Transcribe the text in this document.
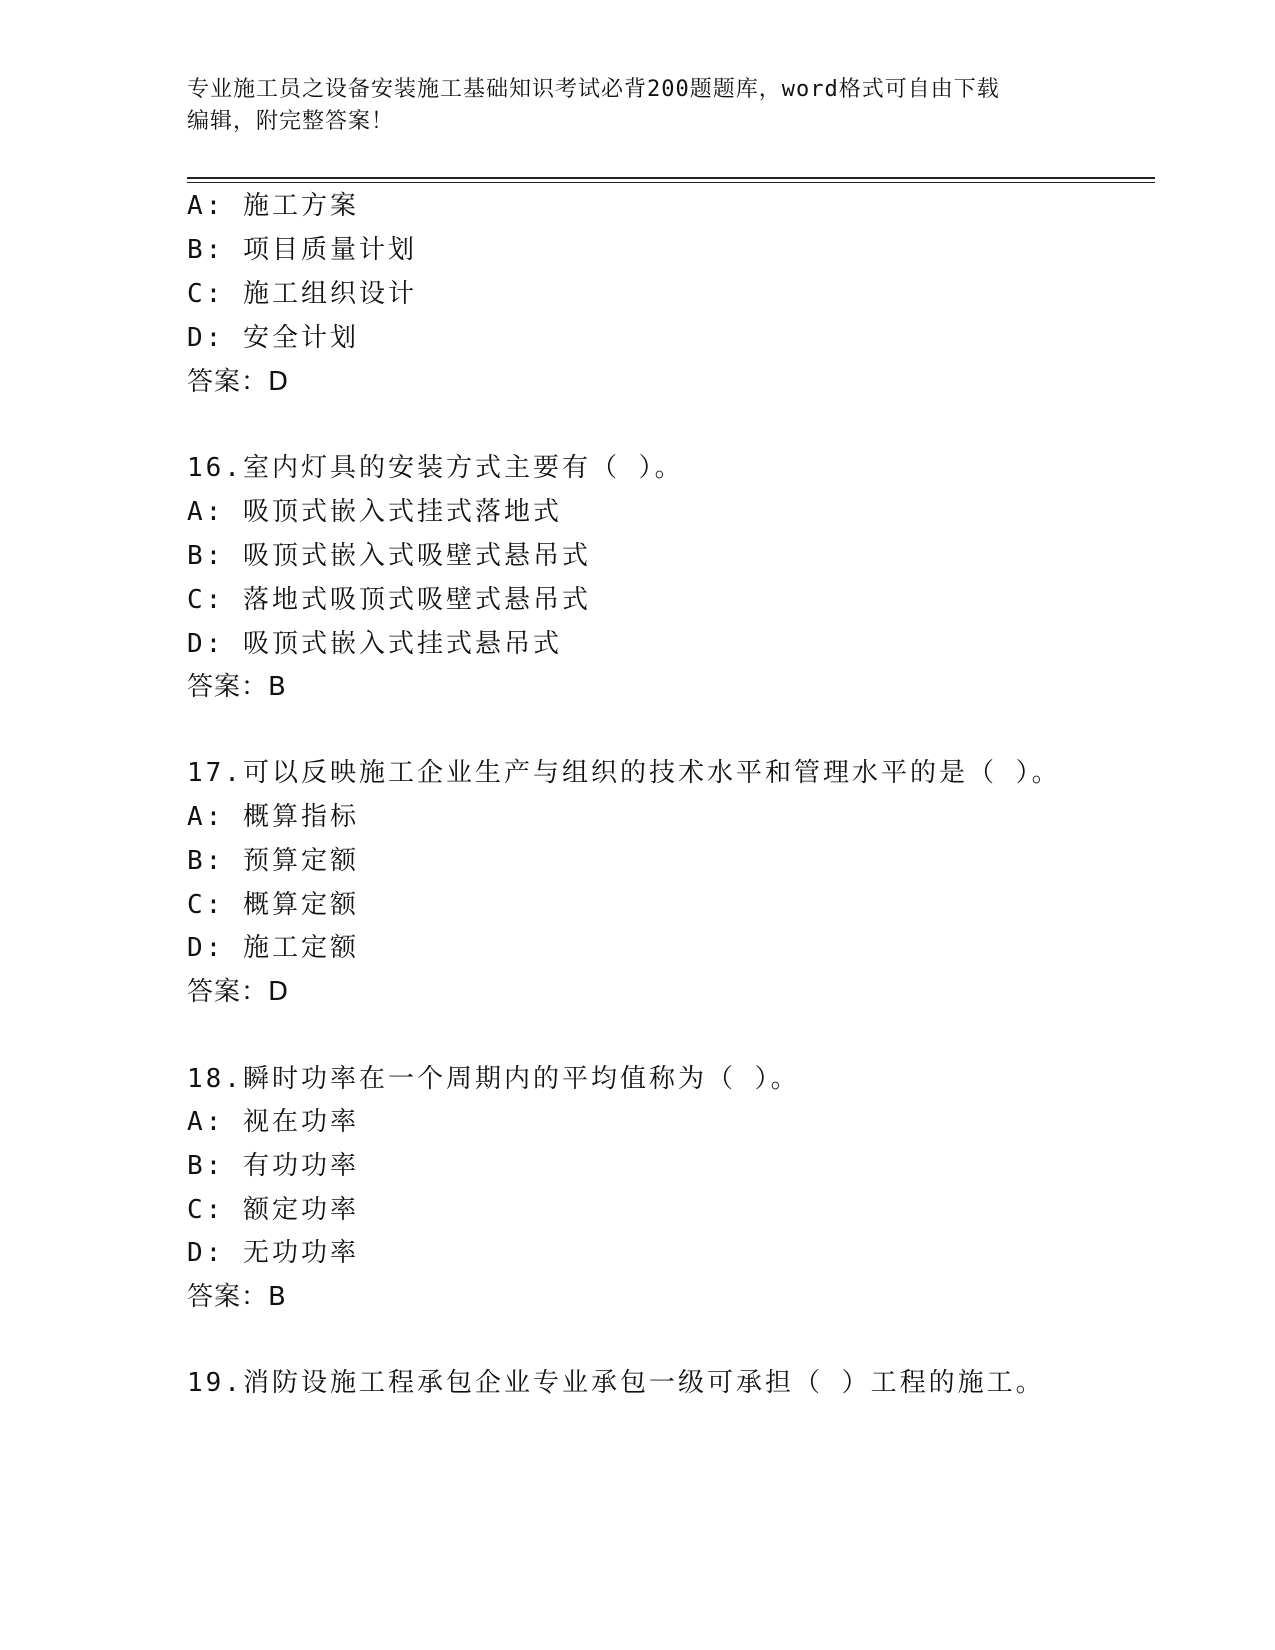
专业施工员之设备安装施工基础知识考试必背200题题库，word格式可自由下载
编辑，附完整答案！
A: 施工方案
B: 项目质量计划
C: 施工组织设计
D: 安全计划
答案：D
16.室内灯具的安装方式主要有（ ）。
A: 吸顶式嵌入式挂式落地式
B: 吸顶式嵌入式吸壁式悬吊式
C: 落地式吸顶式吸壁式悬吊式
D: 吸顶式嵌入式挂式悬吊式
答案：B
17.可以反映施工企业生产与组织的技术水平和管理水平的是（ ）。
A: 概算指标
B: 预算定额
C: 概算定额
D: 施工定额
答案：D
18.瞬时功率在一个周期内的平均值称为（ ）。
A: 视在功率
B: 有功功率
C: 额定功率
D: 无功功率
答案：B
19.消防设施工程承包企业专业承包一级可承担（ ）工程的施工。
